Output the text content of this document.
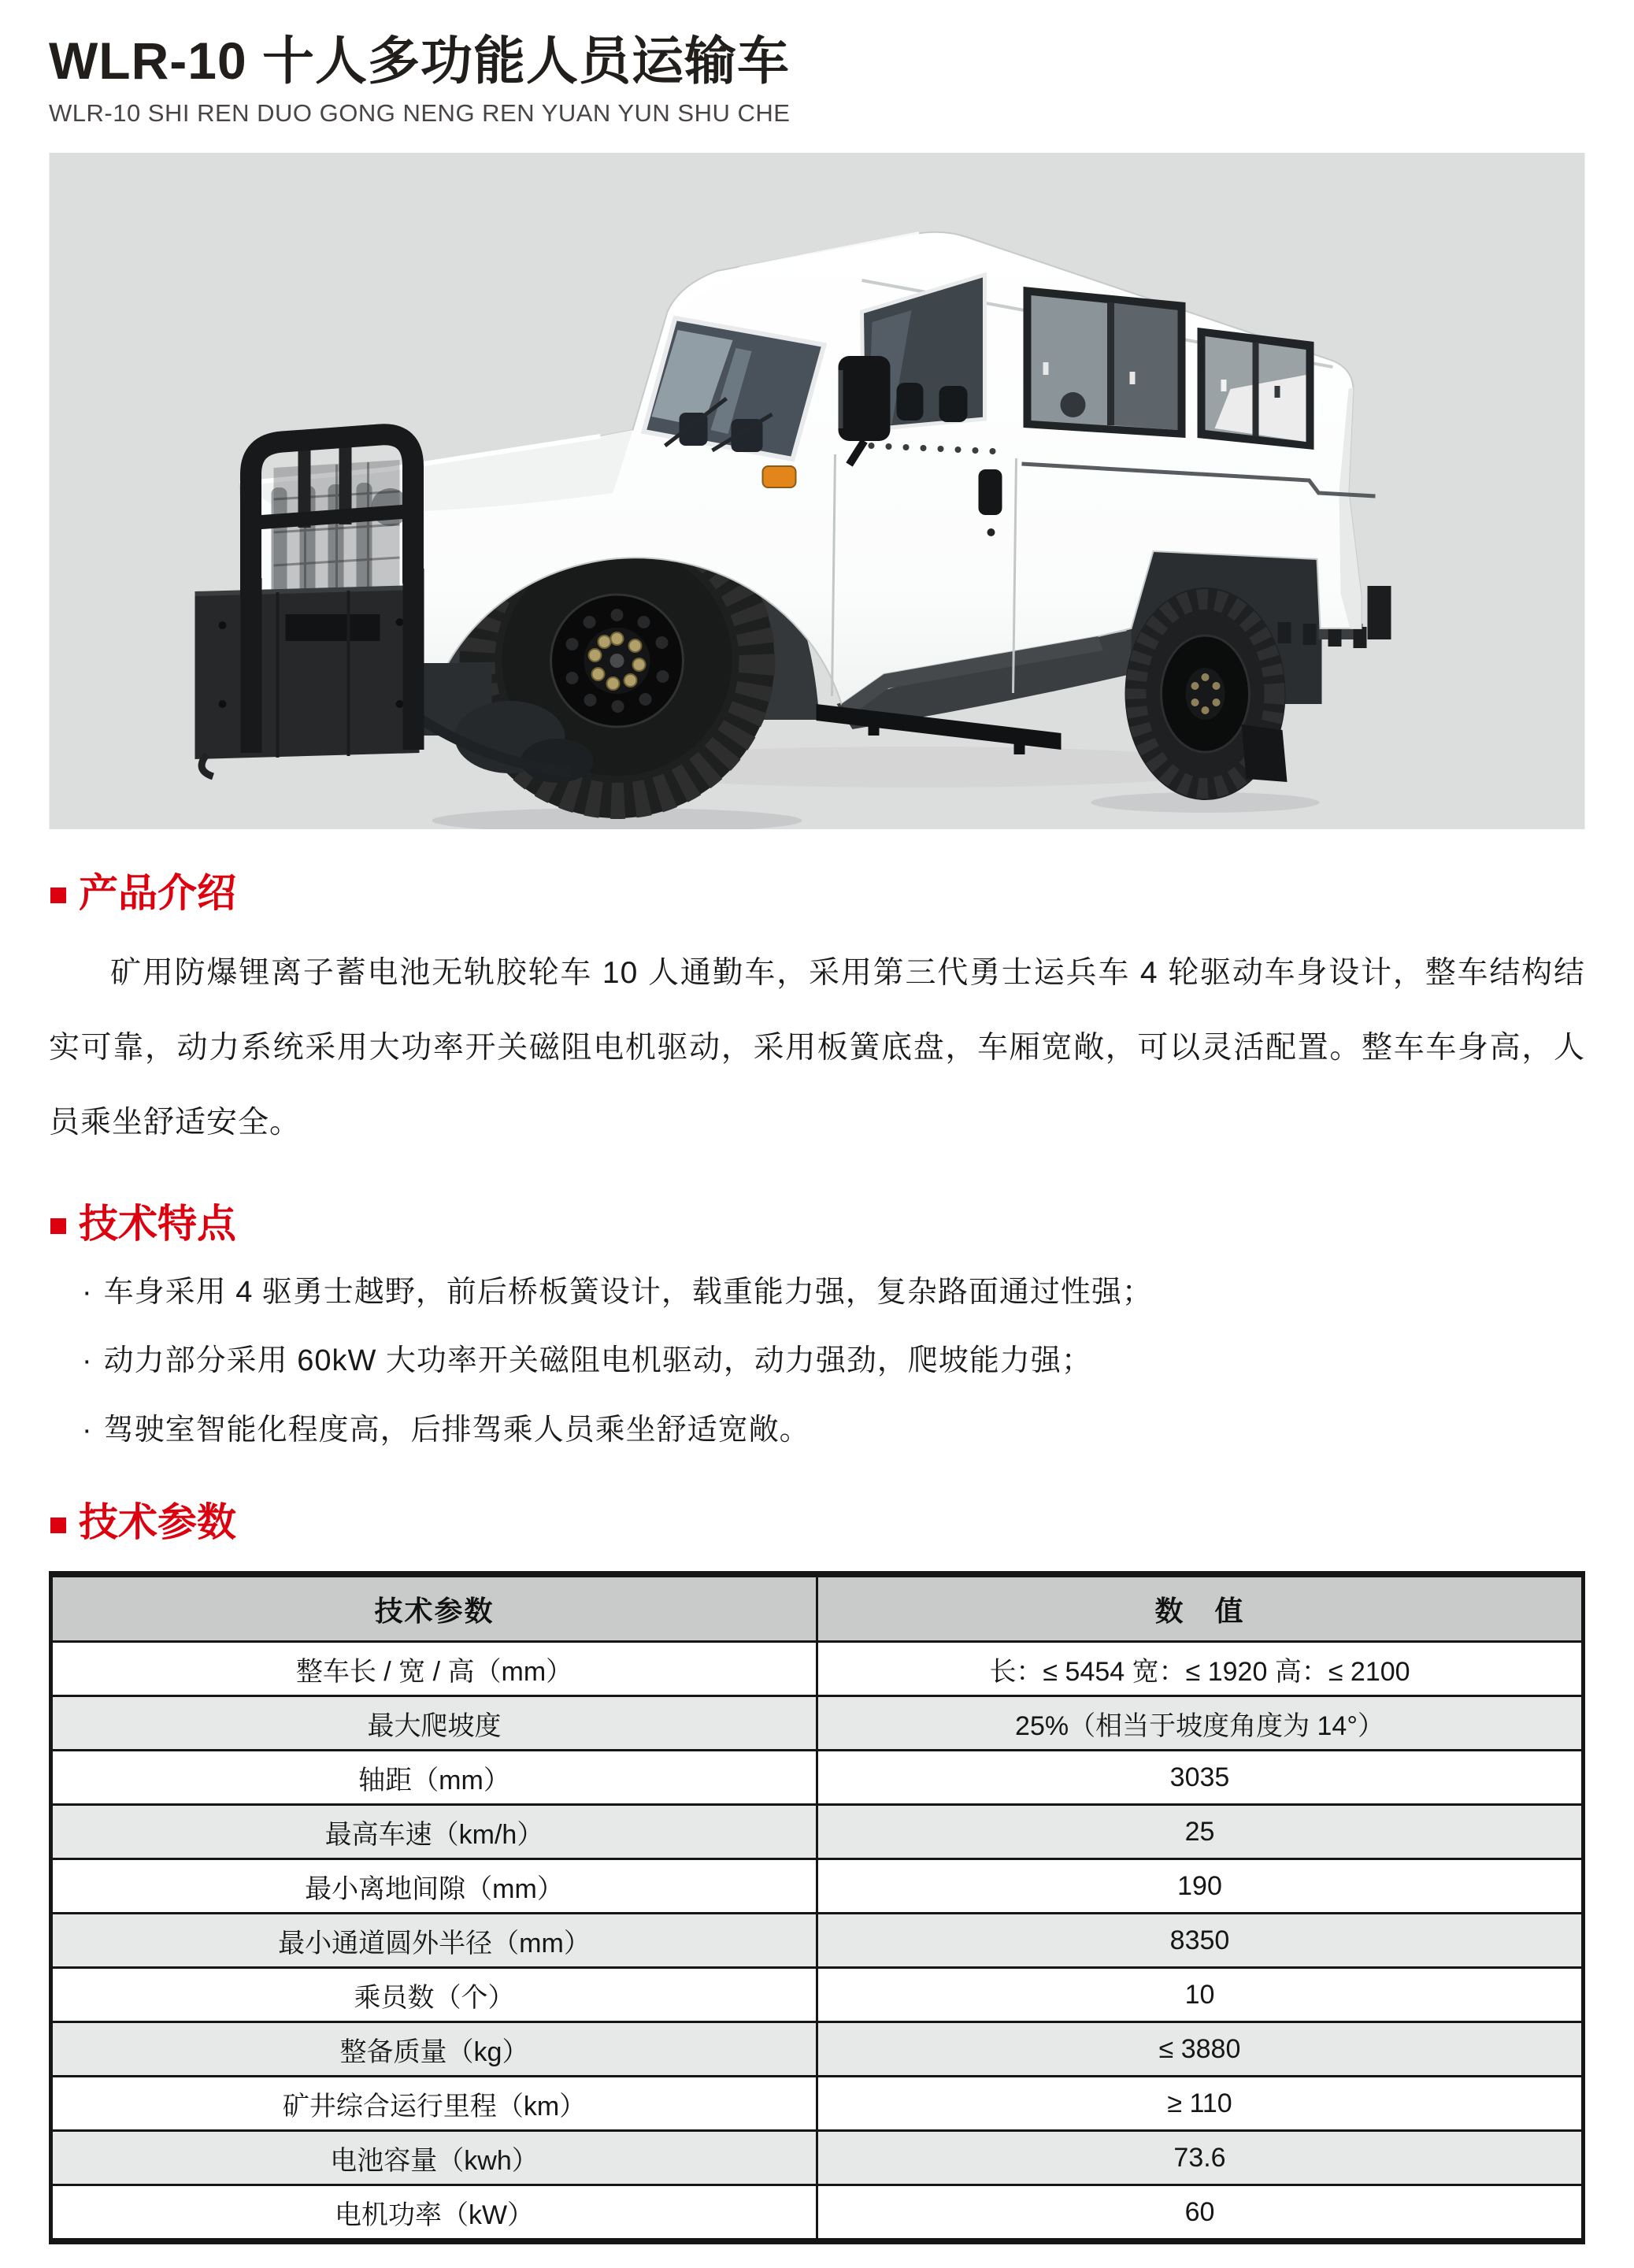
WLR-10 十人多功能人员运输车
WLR-10 SHI REN DUO GONG NENG REN YUAN YUN SHU CHE
产品介绍

矿用防爆锂离子蓄电池无轨胶轮车 10 人通勤车，采用第三代勇士运兵车 4 轮驱动车身设计，整车结构结实可靠，动力系统采用大功率开关磁阻电机驱动，采用板簧底盘，车厢宽敞，可以灵活配置。整车车身高，人员乘坐舒适安全。

技术特点
· 车身采用 4 驱勇士越野，前后桥板簧设计，载重能力强，复杂路面通过性强；
· 动力部分采用 60kW 大功率开关磁阻电机驱动，动力强劲，爬坡能力强；
· 驾驶室智能化程度高，后排驾乘人员乘坐舒适宽敞。
技术参数
技术参数	数　值
整车长 / 宽 / 高（mm）	长：≤ 5454 宽：≤ 1920 高：≤ 2100
最大爬坡度	25%（相当于坡度角度为 14°）
轴距（mm）	3035
最高车速（km/h）	25
最小离地间隙（mm）	190
最小通道圆外半径（mm）	8350
乘员数（个）	10
整备质量（kg）	≤ 3880
矿井综合运行里程（km）	≥ 110
电池容量（kwh）	73.6
电机功率（kW）	60
